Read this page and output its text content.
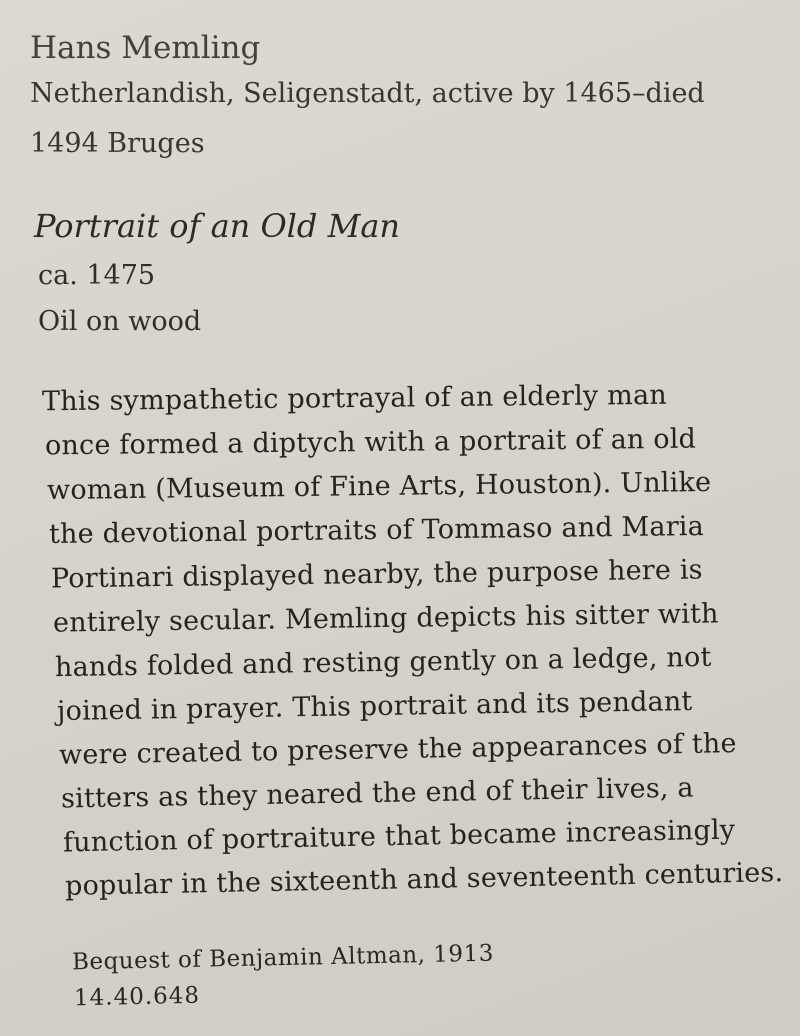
Hans Memling

Netherlandish, Seligenstadt, active by 1465–died

1494 Bruges

Portrait of an Old Man

ca. 1475

Oil on wood

This sympathetic portrayal of an elderly man

once formed a diptych with a portrait of an old

woman (Museum of Fine Arts, Houston). Unlike

the devotional portraits of Tommaso and Maria

Portinari displayed nearby, the purpose here is

entirely secular. Memling depicts his sitter with

hands folded and resting gently on a ledge, not

joined in prayer. This portrait and its pendant

were created to preserve the appearances of the

sitters as they neared the end of their lives, a

function of portraiture that became increasingly

popular in the sixteenth and seventeenth centuries.

Bequest of Benjamin Altman, 1913

14.40.648
